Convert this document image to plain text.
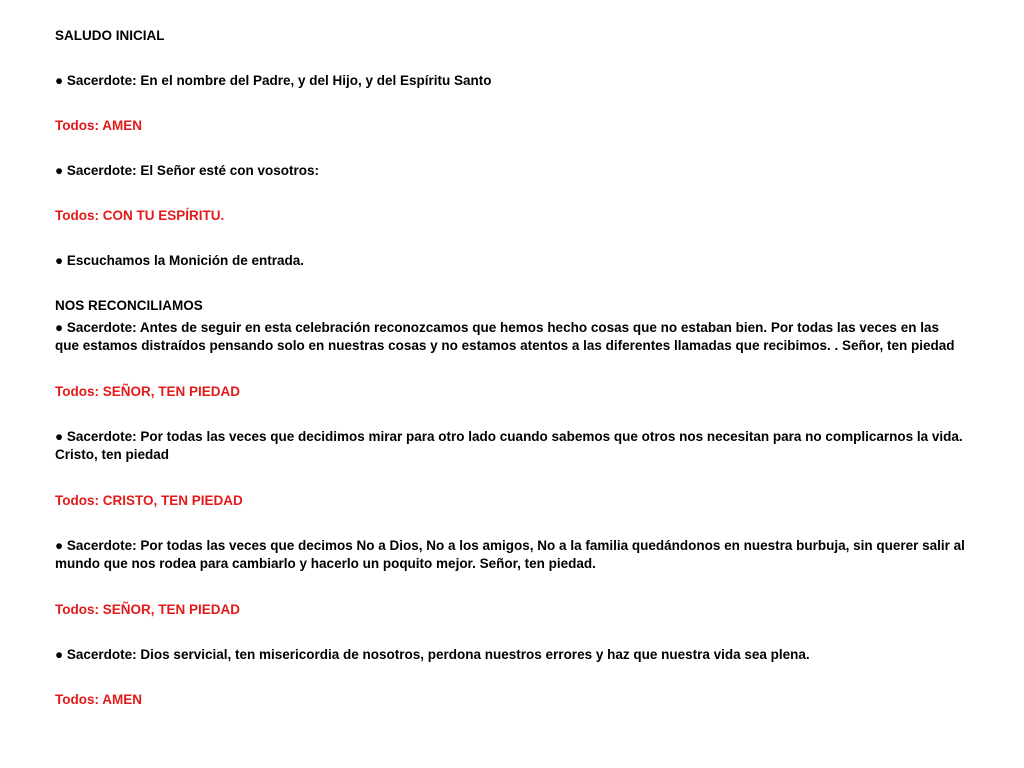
SALUDO INICIAL

● Sacerdote: En el nombre del Padre, y del Hijo, y del Espíritu Santo

Todos: AMEN

● Sacerdote: El Señor esté con vosotros:

Todos: CON TU ESPÍRITU.

● Escuchamos la Monición de entrada.

NOS RECONCILIAMOS

● Sacerdote: Antes de seguir en esta celebración reconozcamos que hemos hecho cosas que no estaban bien. Por todas las veces en las que estamos distraídos pensando solo en nuestras cosas y no estamos atentos a las diferentes llamadas que recibimos. . Señor, ten piedad

Todos: SEÑOR, TEN PIEDAD

● Sacerdote: Por todas las veces que decidimos mirar para otro lado cuando sabemos que otros nos necesitan para no complicarnos la vida. Cristo, ten piedad

Todos: CRISTO, TEN PIEDAD

● Sacerdote: Por todas las veces que decimos No a Dios, No a los amigos, No a la familia quedándonos en nuestra burbuja, sin querer salir al mundo que nos rodea para cambiarlo y hacerlo un poquito mejor. Señor, ten piedad.

Todos: SEÑOR, TEN PIEDAD

● Sacerdote: Dios servicial, ten misericordia de nosotros, perdona nuestros errores y haz que nuestra vida sea plena.

Todos: AMEN
